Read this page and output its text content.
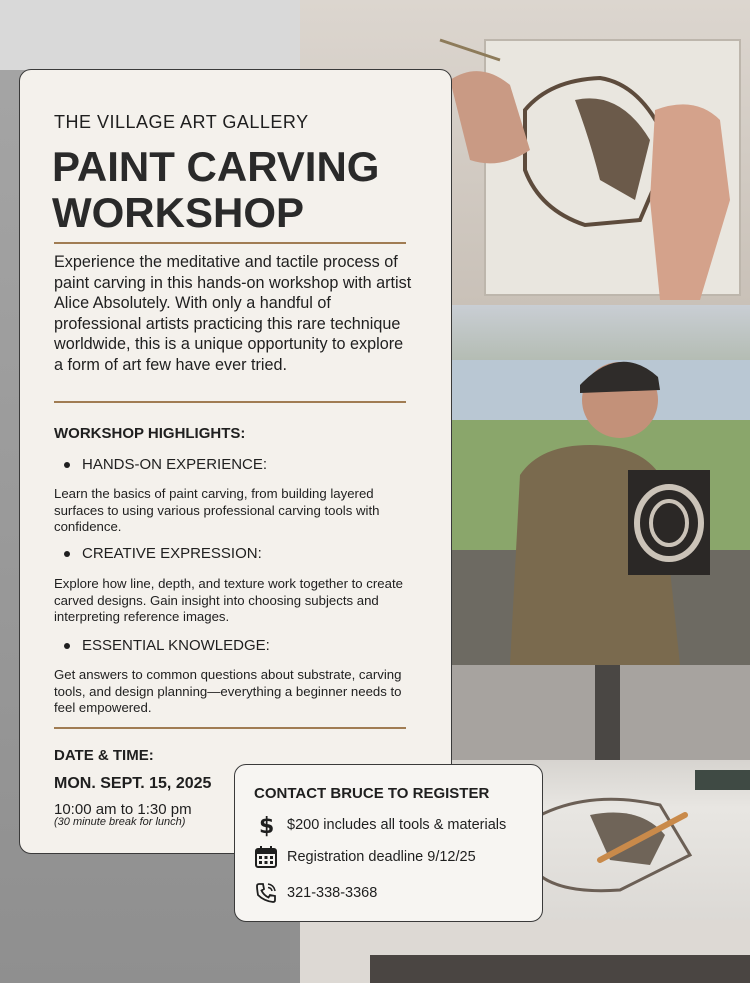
THE VILLAGE ART GALLERY
PAINT CARVING
WORKSHOP

Experience the meditative and tactile process of paint carving in this hands-on workshop with artist Alice Absolutely. With only a handful of professional artists practicing this rare technique worldwide, this is a unique opportunity to explore a form of art few have ever tried.

WORKSHOP HIGHLIGHTS:

HANDS-ON EXPERIENCE:

Learn the basics of paint carving, from building layered surfaces to using various professional carving tools with confidence.

CREATIVE EXPRESSION:

Explore how line, depth, and texture work together to create carved designs. Gain insight into choosing subjects and interpreting reference images.

ESSENTIAL KNOWLEDGE:

Get answers to common questions about substrate, carving tools, and design planning—everything a beginner needs to feel empowered.

DATE & TIME:

MON. SEPT. 15, 2025

10:00 am to 1:30 pm

(30 minute break for lunch)

CONTACT BRUCE TO REGISTER

$ $200 includes all tools & materials
Registration deadline 9/12/25
321-338-3368
